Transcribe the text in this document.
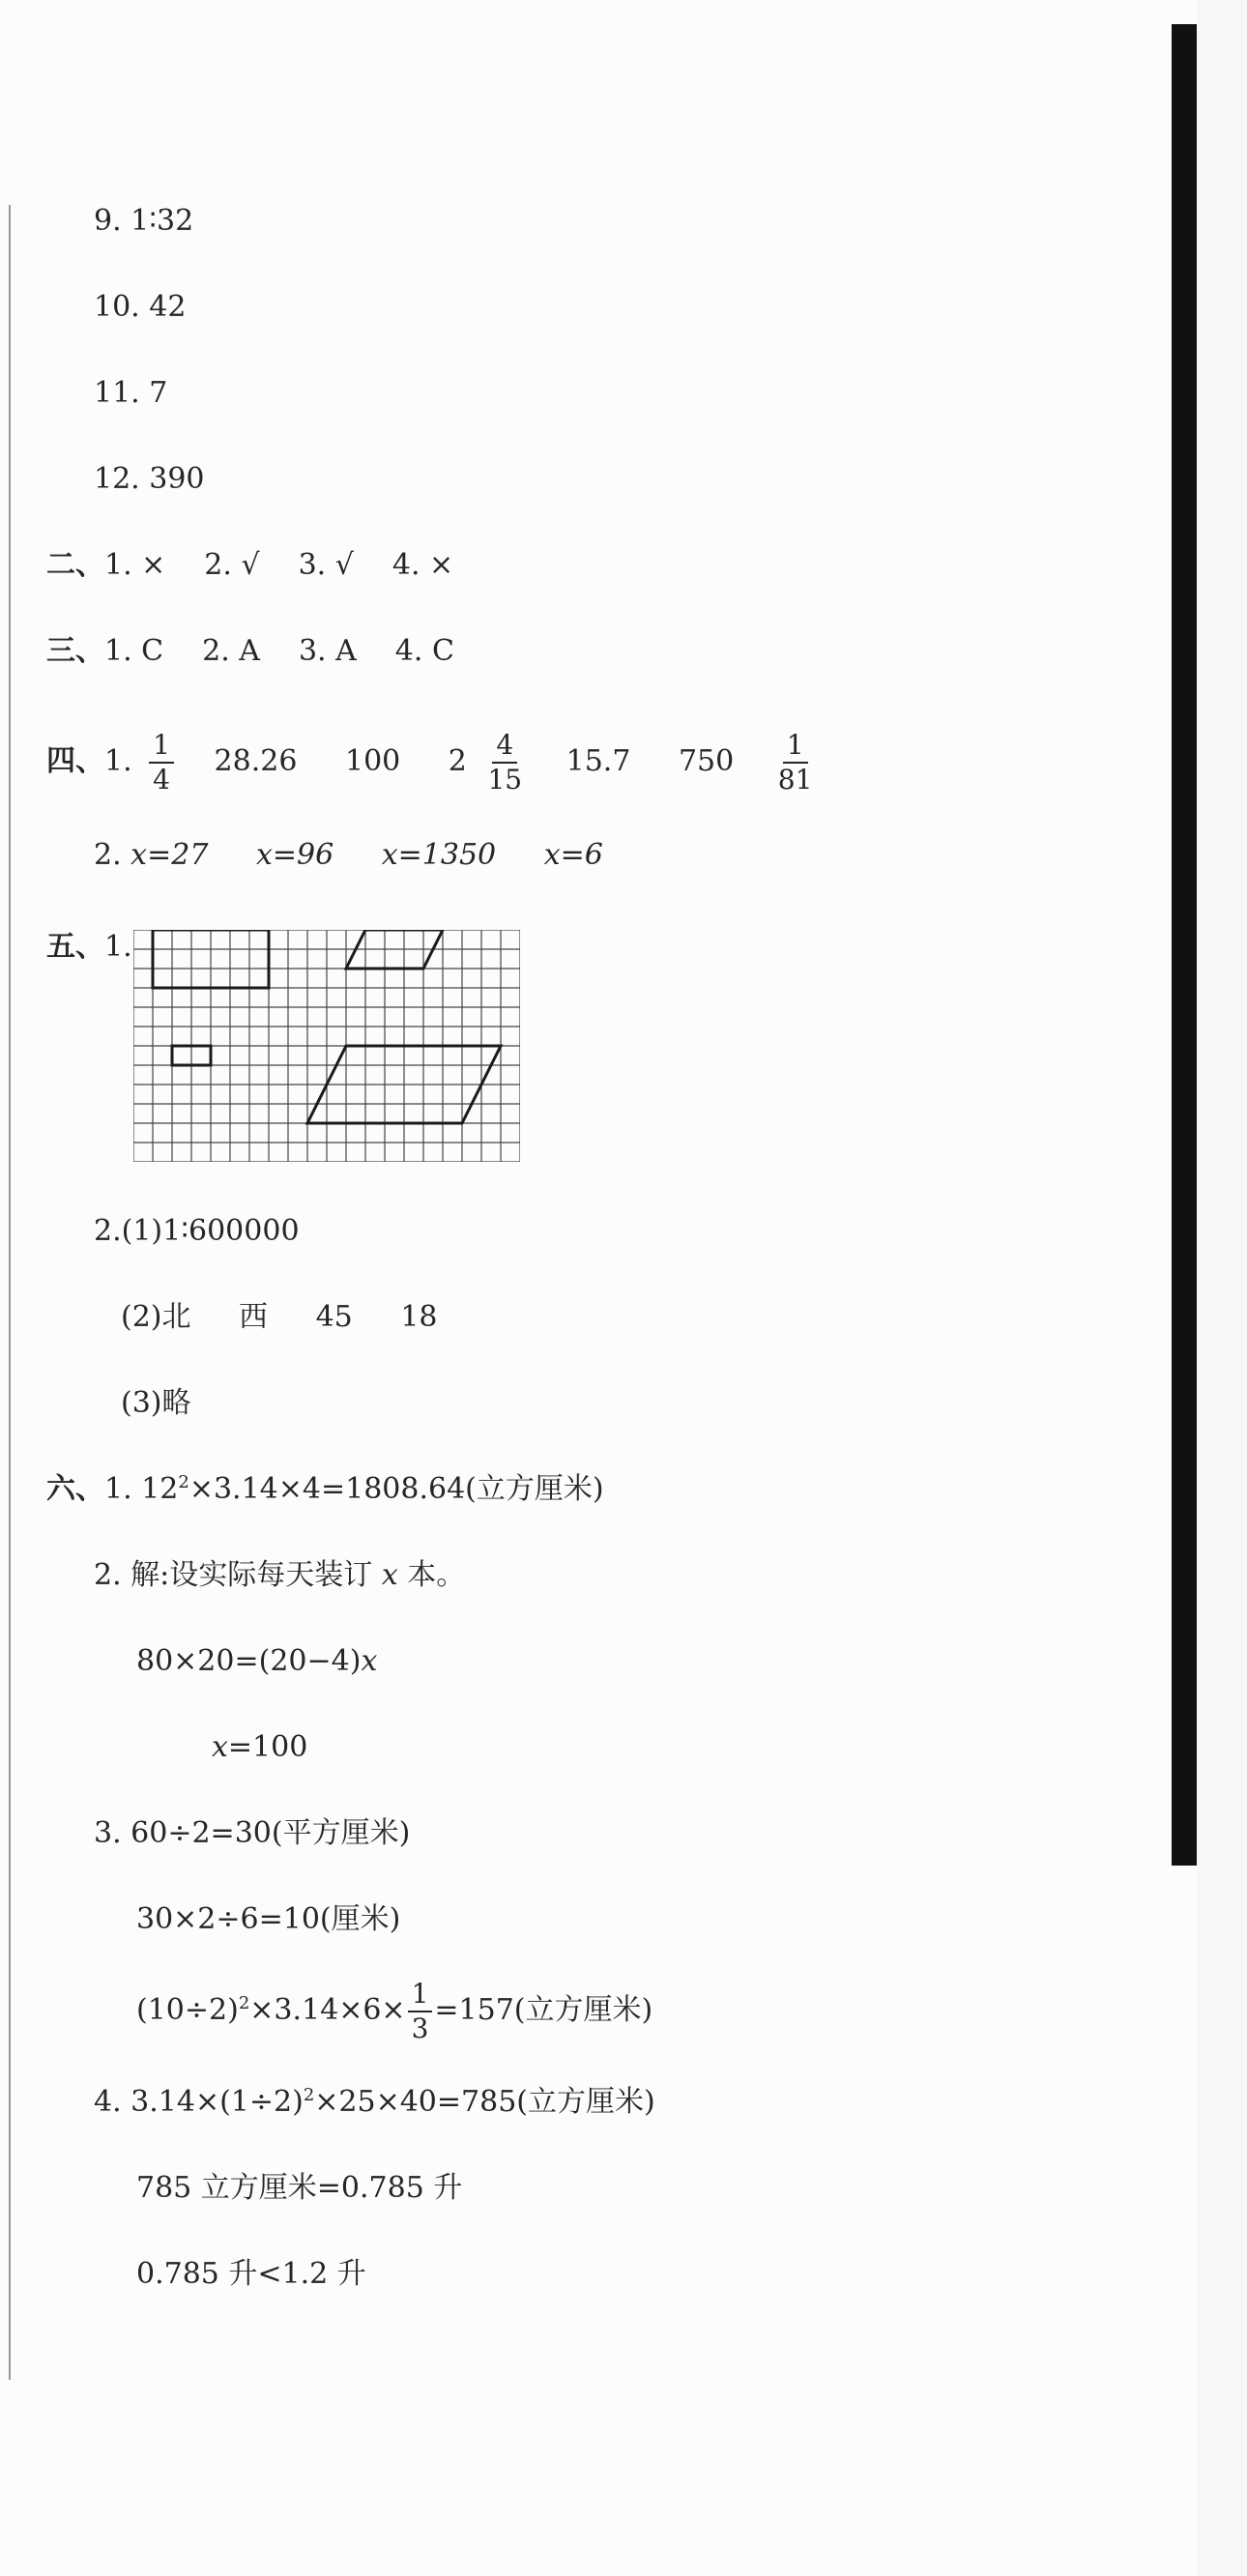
9. 1∶32
10. 42
11. 7
12. 390
二、1. × 2. √ 3. √ 4. ×
三、1. C 2. A 3. A 4. C
四、1. $\frac{1}{4} 28.26$ 100 $2 \frac{4}{15} 15.7$ $750 \frac{1}{81}$
2. x=27 x=96 x=1350 x=6
五、1.
2.(1)1∶600000
(2)北 西 45 18
(3)略
六、1. $12^2\times 3.14\times 4=1808.64$(立方厘米)
2. 解:设实际每天装订 x 本。
80×20=(20−4)x
x=100
3. 60÷2=30(平方厘米)
30×2÷6=10(厘米)
$(10\div 2)^2\times 3.14\times 6\times \frac{1}{3} =157$(立方厘米)
4. $3.14\times(1\div 2)^2\times 25\times 40=785$(立方厘米)
785 立方厘米=0.785 升
0.785 升<1.2 升
